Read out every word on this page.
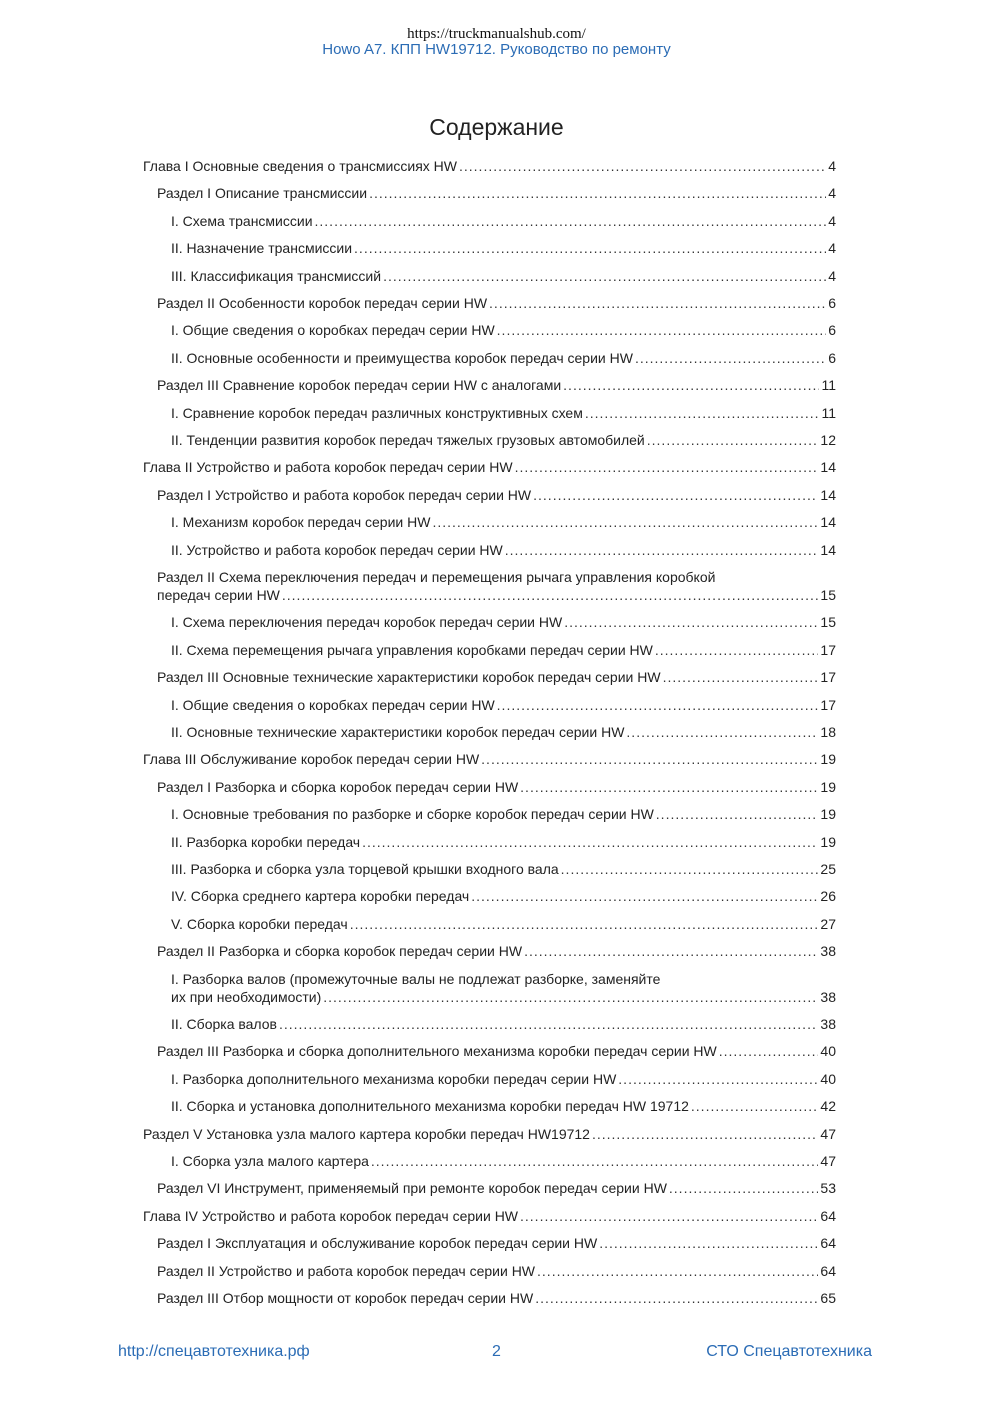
https://truckmanualshub.com/
Howo A7. КПП HW19712. Руководство по ремонту
Содержание
Глава I Основные сведения о трансмиссиях HW .....	4
Раздел I Описание трансмиссии .....	4
I. Схема трансмиссии .....	4
II. Назначение трансмиссии .....	4
III. Классификация трансмиссий .....	4
Раздел II Особенности коробок передач серии HW .....	6
I. Общие сведения о коробках передач серии HW .....	6
II. Основные особенности и преимущества коробок передач серии HW .....	6
Раздел III Сравнение коробок передач серии HW с аналогами .....	11
I. Сравнение коробок передач различных конструктивных схем .....	11
II. Тенденции развития коробок передач тяжелых грузовых автомобилей .....	12
Глава II Устройство и работа коробок передач серии HW .....	14
Раздел I Устройство и работа коробок передач серии HW .....	14
I. Механизм коробок передач серии HW .....	14
II. Устройство и работа коробок передач серии HW .....	14
Раздел II Схема переключения передач и перемещения рычага управления коробкой
передач серии HW .....	15
I. Схема переключения передач коробок передач серии HW .....	15
II. Схема перемещения рычага управления коробками передач серии HW .....	17
Раздел III Основные технические характеристики коробок передач серии HW .....	17
I. Общие сведения о коробках передач серии HW .....	17
II. Основные технические характеристики коробок передач серии HW .....	18
Глава III Обслуживание коробок передач серии HW .....	19
Раздел I Разборка и сборка коробок передач серии HW .....	19
I. Основные требования по разборке и сборке коробок передач серии HW .....	19
II. Разборка коробки передач .....	19
III. Разборка и сборка узла торцевой крышки входного вала .....	25
IV. Сборка среднего картера коробки передач .....	26
V. Сборка коробки передач .....	27
Раздел II Разборка и сборка коробок передач серии HW .....	38
I. Разборка валов (промежуточные валы не подлежат разборке, заменяйте
их при необходимости) .....	38
II. Сборка валов .....	38
Раздел III Разборка и сборка дополнительного механизма коробки передач серии HW .....	40
I. Разборка дополнительного механизма коробки передач серии HW .....	40
II. Сборка и установка дополнительного механизма коробки передач HW 19712 .....	42
Раздел V Установка узла малого картера коробки передач HW19712 .....	47
I. Сборка узла малого картера .....	47
Раздел VI Инструмент, применяемый при ремонте коробок передач серии HW .....	53
Глава IV Устройство и работа коробок передач серии HW .....	64
Раздел I Эксплуатация и обслуживание коробок передач серии HW .....	64
Раздел II Устройство и работа коробок передач серии HW .....	64
Раздел III Отбор мощности от коробок передач серии HW .....	65
http://спецавтотехника.рф	2	СТО Спецавтотехника
